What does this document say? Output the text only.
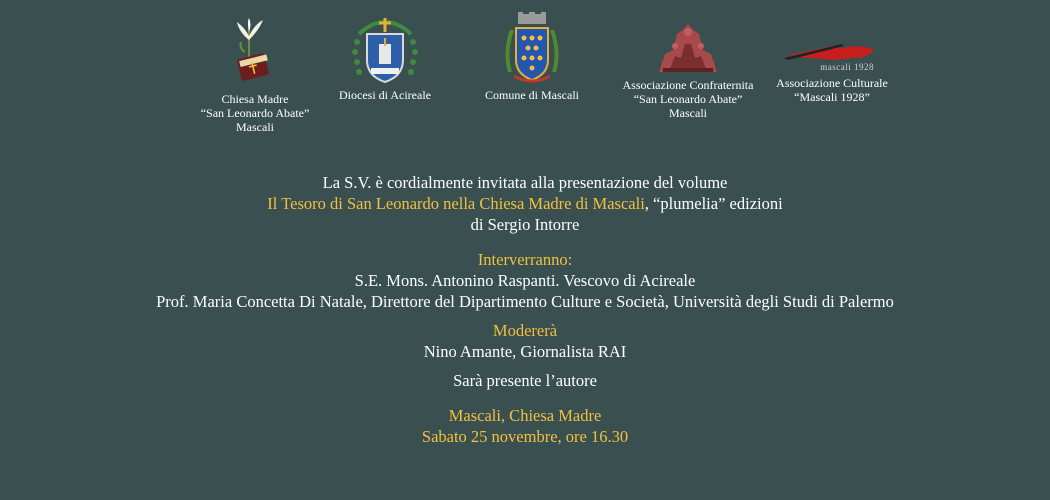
Chiesa Madre
“San Leonardo Abate”
Mascali
Diocesi di Acireale	Comune di Mascali
Associazione Confraternita
“San Leonardo Abate”
Mascali
mascali 1928
Associazione Culturale
“Mascali 1928”
La S.V. è cordialmente invitata alla presentazione del volume
Il Tesoro di San Leonardo nella Chiesa Madre di Mascali, “plumelia” edizioni
di Sergio Intorre
Interverranno:
S.E. Mons. Antonino Raspanti. Vescovo di Acireale
Prof. Maria Concetta Di Natale, Direttore del Dipartimento Culture e Società, Università degli Studi di Palermo
Modererà
Nino Amante, Giornalista RAI
Sarà presente l’autore
Mascali, Chiesa Madre
Sabato 25 novembre, ore 16.30
